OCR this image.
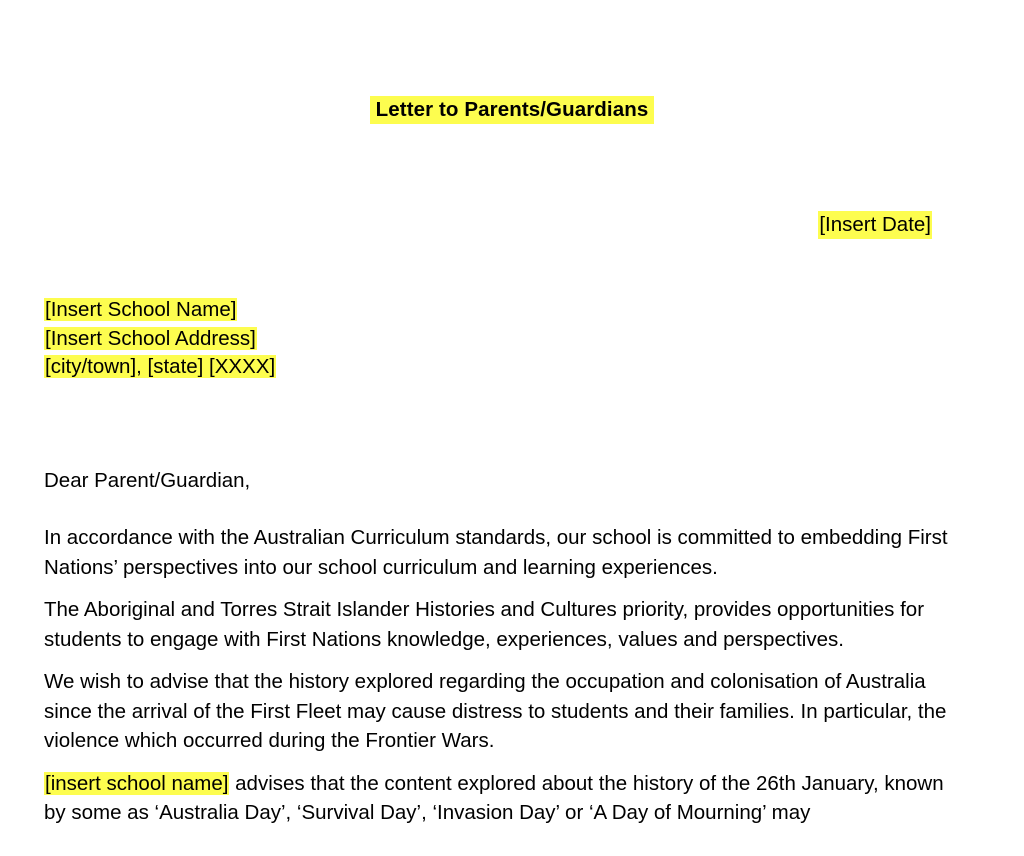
Letter to Parents/Guardians
[Insert Date]
[Insert School Name]
[Insert School Address]
[city/town], [state] [XXXX]

Dear Parent/Guardian,

In accordance with the Australian Curriculum standards, our school is committed to embedding First Nations’ perspectives into our school curriculum and learning experiences.

The Aboriginal and Torres Strait Islander Histories and Cultures priority, provides opportunities for students to engage with First Nations knowledge, experiences, values and perspectives.

We wish to advise that the history explored regarding the occupation and colonisation of Australia since the arrival of the First Fleet may cause distress to students and their families. In particular, the violence which occurred during the Frontier Wars.

[insert school name] advises that the content explored about the history of the 26th January, known by some as ‘Australia Day’, ‘Survival Day’, ‘Invasion Day’ or ‘A Day of Mourning’ may
